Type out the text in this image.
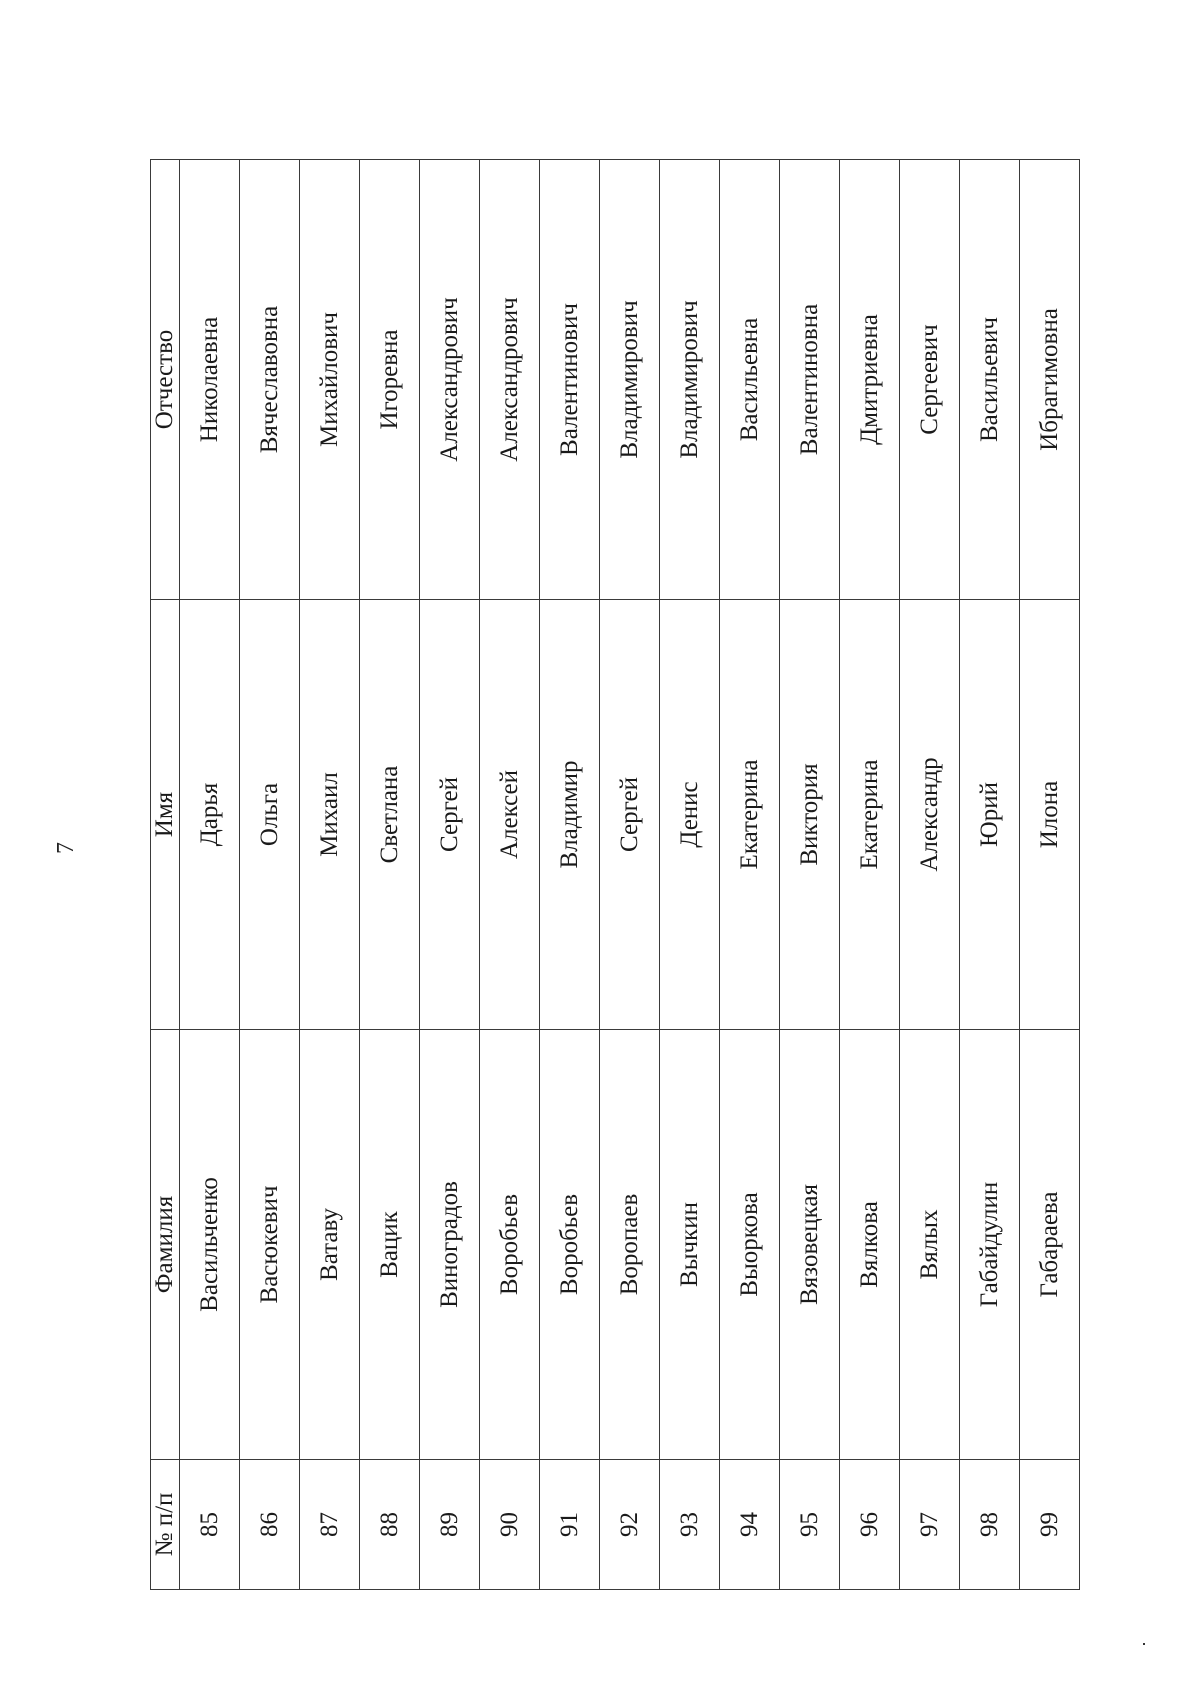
7
№ п/п	Фамилия	Имя	Отчество
85	Васильченко	Дарья	Николаевна
86	Васюкевич	Ольга	Вячеславовна
87	Ватаву	Михаил	Михайлович
88	Вацик	Светлана	Игоревна
89	Виноградов	Сергей	Александрович
90	Воробьев	Алексей	Александрович
91	Воробьев	Владимир	Валентинович
92	Воропаев	Сергей	Владимирович
93	Вычкин	Денис	Владимирович
94	Выоркова	Екатерина	Васильевна
95	Вязовецкая	Виктория	Валентиновна
96	Вялкова	Екатерина	Дмитриевна
97	Вялых	Александр	Сергеевич
98	Габайдулин	Юрий	Васильевич
99	Габараева	Илона	Ибрагимовна
